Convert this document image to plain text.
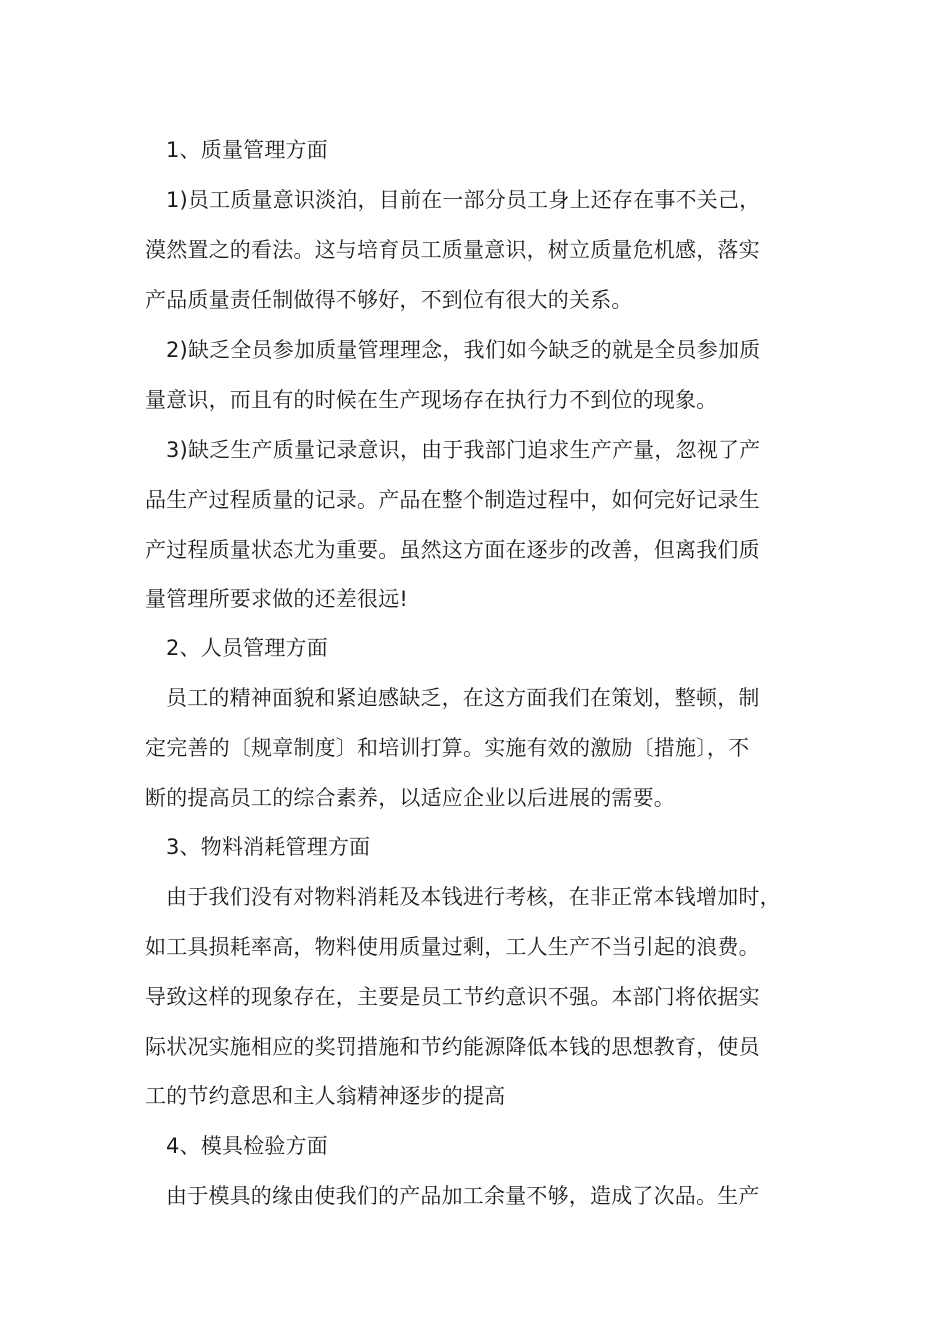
1、质量管理方面
1)员工质量意识淡泊，目前在一部分员工身上还存在事不关己，
漠然置之的看法。这与培育员工质量意识，树立质量危机感，落实
产品质量责任制做得不够好，不到位有很大的关系。
2)缺乏全员参加质量管理理念，我们如今缺乏的就是全员参加质
量意识，而且有的时候在生产现场存在执行力不到位的现象。
3)缺乏生产质量记录意识，由于我部门追求生产产量，忽视了产
品生产过程质量的记录。产品在整个制造过程中，如何完好记录生
产过程质量状态尤为重要。虽然这方面在逐步的改善，但离我们质
量管理所要求做的还差很远!
2、人员管理方面
员工的精神面貌和紧迫感缺乏，在这方面我们在策划，整顿，制
定完善的〔规章制度〕和培训打算。实施有效的激励〔措施〕，不
断的提高员工的综合素养，以适应企业以后进展的需要。
3、物料消耗管理方面
由于我们没有对物料消耗及本钱进行考核，在非正常本钱增加时，
如工具损耗率高，物料使用质量过剩，工人生产不当引起的浪费。
导致这样的现象存在，主要是员工节约意识不强。本部门将依据实
际状况实施相应的奖罚措施和节约能源降低本钱的思想教育，使员
工的节约意思和主人翁精神逐步的提高
4、模具检验方面
由于模具的缘由使我们的产品加工余量不够，造成了次品。生产
